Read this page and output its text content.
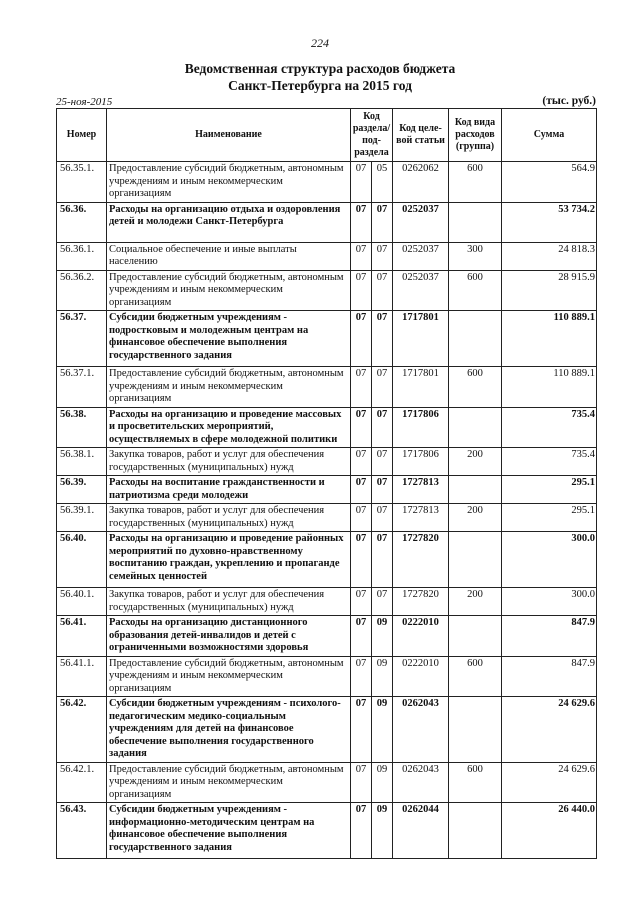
224
Ведомственная структура расходов бюджета
Санкт-Петербурга на 2015 год
25-ноя-2015	(тыс. руб.)
Номер	Наименование	Код раздела/ под-раздела		Код целе-вой статьи	Код вида расходов (группа)	Сумма
56.35.1.	Предоставление субсидий бюджетным, автономным учреждениям и иным некоммерческим организациям	07	05	0262062	600	564.9
56.36.	Расходы на организацию отдыха и оздоровления детей и молодежи Санкт-Петербурга	07	07	0252037		53 734.2
56.36.1.	Социальное обеспечение и иные выплаты населению	07	07	0252037	300	24 818.3
56.36.2.	Предоставление субсидий бюджетным, автономным учреждениям и иным некоммерческим организациям	07	07	0252037	600	28 915.9
56.37.	Субсидии бюджетным учреждениям - подростковым и молодежным центрам на финансовое обеспечение выполнения государственного задания	07	07	1717801		110 889.1
56.37.1.	Предоставление субсидий бюджетным, автономным учреждениям и иным некоммерческим организациям	07	07	1717801	600	110 889.1
56.38.	Расходы на организацию и проведение массовых и просветительских мероприятий, осуществляемых в сфере молодежной политики	07	07	1717806		735.4
56.38.1.	Закупка товаров, работ и услуг для обеспечения государственных (муниципальных) нужд	07	07	1717806	200	735.4
56.39.	Расходы на воспитание гражданственности и патриотизма среди молодежи	07	07	1727813		295.1
56.39.1.	Закупка товаров, работ и услуг для обеспечения государственных (муниципальных) нужд	07	07	1727813	200	295.1
56.40.	Расходы на организацию и проведение районных мероприятий по духовно-нравственному воспитанию граждан, укреплению и пропаганде семейных ценностей	07	07	1727820		300.0
56.40.1.	Закупка товаров, работ и услуг для обеспечения государственных (муниципальных) нужд	07	07	1727820	200	300.0
56.41.	Расходы на организацию дистанционного образования детей-инвалидов и детей с ограниченными возможностями здоровья	07	09	0222010		847.9
56.41.1.	Предоставление субсидий бюджетным, автономным учреждениям и иным некоммерческим организациям	07	09	0222010	600	847.9
56.42.	Субсидии бюджетным учреждениям - психолого-педагогическим медико-социальным учреждениям для детей на финансовое обеспечение выполнения государственного задания	07	09	0262043		24 629.6
56.42.1.	Предоставление субсидий бюджетным, автономным учреждениям и иным некоммерческим организациям	07	09	0262043	600	24 629.6
56.43.	Субсидии бюджетным учреждениям - информационно-методическим центрам на финансовое обеспечение выполнения государственного задания	07	09	0262044		26 440.0
